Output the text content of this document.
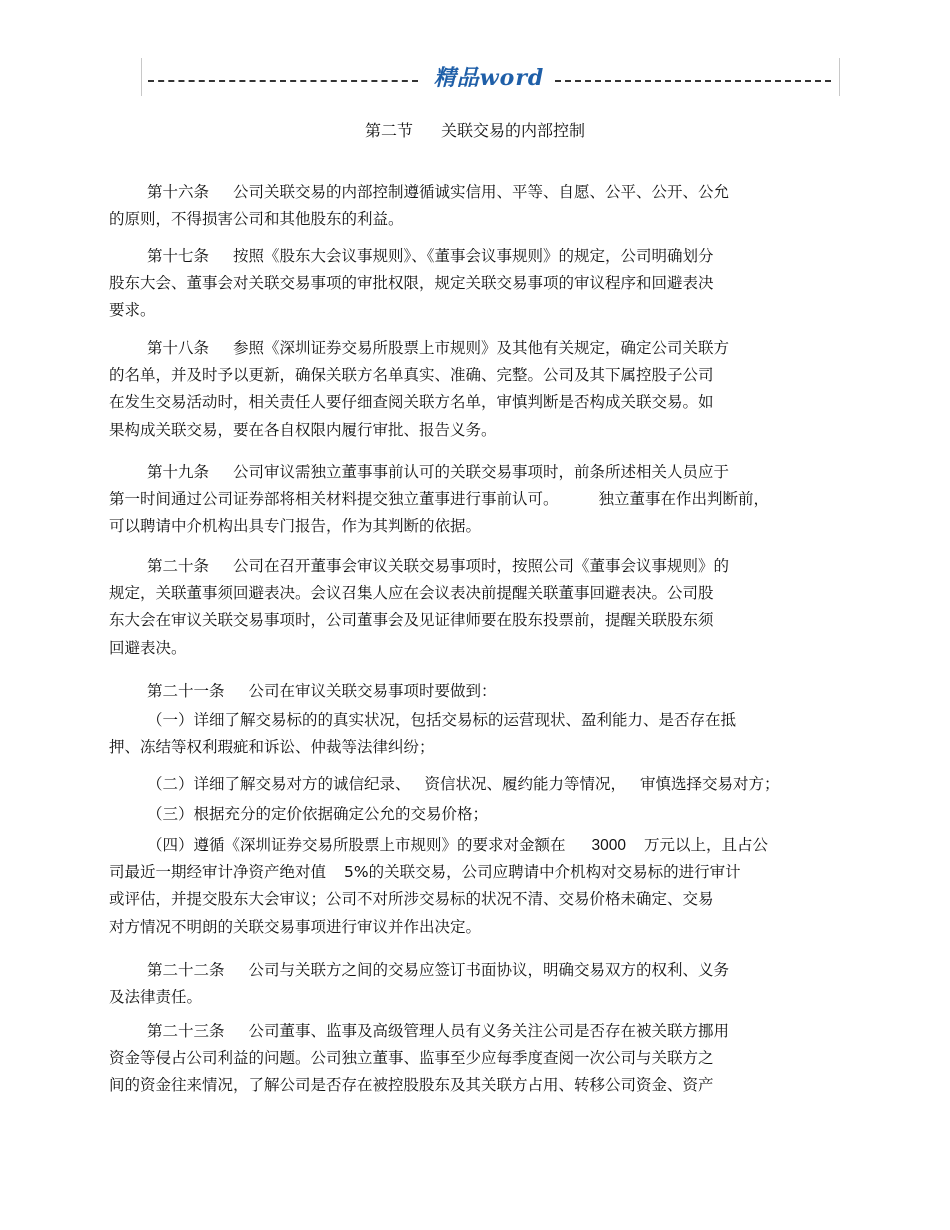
精品word
第二节 关联交易的内部控制
第十六条 公司关联交易的内部控制遵循诚实信用、平等、自愿、公平、公开、公允
的原则，不得损害公司和其他股东的利益。
第十七条 按照《股东大会议事规则》、《董事会议事规则》的规定，公司明确划分
股东大会、董事会对关联交易事项的审批权限，规定关联交易事项的审议程序和回避表决
要求。
第十八条 参照《深圳证券交易所股票上市规则》及其他有关规定，确定公司关联方
的名单，并及时予以更新，确保关联方名单真实、准确、完整。公司及其下属控股子公司
在发生交易活动时，相关责任人要仔细查阅关联方名单，审慎判断是否构成关联交易。如
果构成关联交易，要在各自权限内履行审批、报告义务。
第十九条 公司审议需独立董事事前认可的关联交易事项时，前条所述相关人员应于
第一时间通过公司证券部将相关材料提交独立董事进行事前认可。	独立董事在作出判断前，
可以聘请中介机构出具专门报告，作为其判断的依据。
第二十条 公司在召开董事会审议关联交易事项时，按照公司《董事会议事规则》的
规定，关联董事须回避表决。会议召集人应在会议表决前提醒关联董事回避表决。公司股
东大会在审议关联交易事项时，公司董事会及见证律师要在股东投票前，提醒关联股东须
回避表决。
第二十一条 公司在审议关联交易事项时要做到：
（一）详细了解交易标的的真实状况，包括交易标的运营现状、盈利能力、是否存在抵
押、冻结等权利瑕疵和诉讼、仲裁等法律纠纷；
（二）详细了解交易对方的诚信纪录、 资信状况、履约能力等情况， 审慎选择交易对方；
（三）根据充分的定价依据确定公允的交易价格；
（四）遵循《深圳证券交易所股票上市规则》的要求对金额在 3000 万元以上，且占公
司最近一期经审计净资产绝对值 5%的关联交易，公司应聘请中介机构对交易标的进行审计
或评估，并提交股东大会审议；公司不对所涉交易标的状况不清、交易价格未确定、交易
对方情况不明朗的关联交易事项进行审议并作出决定。
第二十二条 公司与关联方之间的交易应签订书面协议，明确交易双方的权利、义务
及法律责任。
第二十三条 公司董事、监事及高级管理人员有义务关注公司是否存在被关联方挪用
资金等侵占公司利益的问题。公司独立董事、监事至少应每季度查阅一次公司与关联方之
间的资金往来情况，了解公司是否存在被控股股东及其关联方占用、转移公司资金、资产
